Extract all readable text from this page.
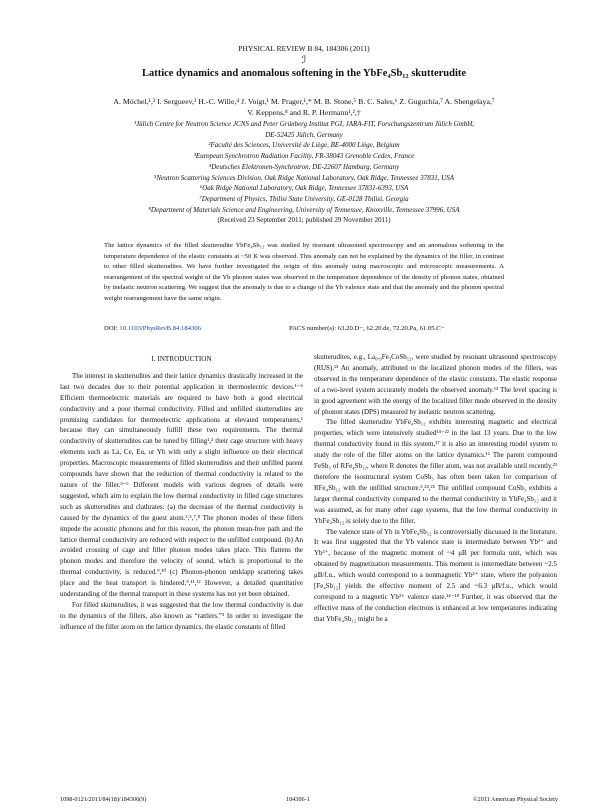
PHYSICAL REVIEW B 84, 184306 (2011)
ℐ
Lattice dynamics and anomalous softening in the YbFe₄Sb₁₂ skutterudite
A. Möchel,¹,² I. Sergueev,³ H.-C. Wille,⁴ J. Voigt,¹ M. Prager,¹,* M. B. Stone,⁵ B. C. Sales,⁶ Z. Guguchia,⁷ A. Shengelaya,⁷
V. Keppens,⁸ and R. P. Hermann¹,²,†
¹Jülich Centre for Neutron Science JCNS and Peter Grünberg Institut PGI, JARA-FIT, Forschungszentrum Jülich GmbH,
DE-52425 Jülich, Germany
²Faculté des Sciences, Université de Liège, BE-4000 Liège, Belgium
³European Synchrotron Radiation Facility, FR-38043 Grenoble Cedex, France
⁴Deutsches Elektronen-Synchrotron, DE-22607 Hamburg, Germany
⁵Neutron Scattering Sciences Division, Oak Ridge National Laboratory, Oak Ridge, Tennessee 37831, USA
⁶Oak Ridge National Laboratory, Oak Ridge, Tennessee 37831-6393, USA
⁷Department of Physics, Tbilisi State University, GE-0128 Tbilisi, Georgia
⁸Department of Materials Science and Engineering, University of Tennessee, Knoxville, Tennessee 37996, USA
(Received 23 September 2011; published 29 November 2011)
The lattice dynamics of the filled skutterudite YbFe₄Sb₁₂ was studied by resonant ultrasound spectroscopy and an anomalous softening in the temperature dependence of the elastic constants at ~50 K was observed. This anomaly can not be explained by the dynamics of the filler, in contrast to other filled skutterudites. We have further investigated the origin of this anomaly using macroscopic and microscopic measurements. A rearrangement of the spectral weight of the Yb phonon states was observed in the temperature dependence of the density of phonon states, obtained by inelastic neutron scattering. We suggest that the anomaly is due to a change of the Yb valence state and that the anomaly and the phonon spectral weight rearrangement have the same origin.
DOI: 10.1103/PhysRevB.84.184306	PACS number(s): 63.20.D−, 62.20.de, 72.20.Pa, 61.05.C−
I. INTRODUCTION

The interest in skutterudites and their lattice dynamics drastically increased in the last two decades due to their potential application in thermoelectric devices.¹⁻⁶ Efficient thermoelectric materials are required to have both a good electrical conductivity and a poor thermal conductivity. Filled and unfilled skutterudites are promising candidates for thermoelectric applications at elevated temperatures,¹ because they can simultaneously fulfill these two requirements. The thermal conductivity of skutterudites can be tuned by filling¹,² their cage structure with heavy elements such as La, Ce, Eu, or Yb with only a slight influence on their electrical properties. Macroscopic measurements of filled skutterudites and their unfilled parent compounds have shown that the reduction of thermal conductivity is related to the nature of the filler.³⁻⁶ Different models with various degrees of details were suggested, which aim to explain the low thermal conductivity in filled cage structures such as skutterudites and clathrates: (a) the decrease of the thermal conductivity is caused by the dynamics of the guest atom.³,⁵,⁷,⁸ The phonon modes of these fillers impede the acoustic phonons and for this reason, the phonon mean-free path and the lattice thermal conductivity are reduced with respect to the unfilled compound. (b) An avoided crossing of cage and filler phonon modes takes place. This flattens the phonon modes and therefore the velocity of sound, which is proportional to the thermal conductivity, is reduced.⁹,¹⁰ (c) Phonon-phonon umklapp scattering takes place and the heat transport is hindered.⁹,¹¹,¹² However, a detailed quantitative understanding of the thermal transport in these systems has not yet been obtained.

For filled skutterudites, it was suggested that the low thermal conductivity is due to the dynamics of the fillers, also known as “rattlers.”³ In order to investigate the influence of the filler atom on the lattice dynamics, the elastic constants of filled

skutterudites, e.g., La₀.₉Fe₃CoSb₁₂, were studied by resonant ultrasound spectroscopy (RUS).¹³ An anomaly, attributed to the localized phonon modes of the fillers, was observed in the temperature dependence of the elastic constants. The elastic response of a two-level system accurately models the observed anomaly.¹³ The level spacing is in good agreement with the energy of the localized filler mode observed in the density of phonon states (DPS) measured by inelastic neutron scattering.

The filled skutterudite YbFe₄Sb₁₂ exhibits interesting magnetic and electrical properties, which were intensively studied¹⁴⁻²² in the last 13 years. Due to the low thermal conductivity found in this system,¹⁷ it is also an interesting model system to study the role of the filler atoms on the lattice dynamics.¹² The parent compound FeSb₃ of RFe₄Sb₁₂, where R denotes the filler atom, was not available until recently,²³ therefore the isostructural system CoSb₃ has often been taken for comparison of RFe₄Sb₁₂ with the unfilled structure.³,²⁴,²⁵ The unfilled compound CoSb₃ exhibits a larger thermal conductivity compared to the thermal conductivity in YbFe₄Sb₁₂ and it was assumed, as for many other cage systems, that the low thermal conductivity in YbFe₄Sb₁₂ is solely due to the filler.

The valence state of Yb in YbFe₄Sb₁₂ is controversially discussed in the literature. It was first suggested that the Yb valence state is intermediate between Yb²⁺ and Yb³⁺, because of the magnetic moment of ~4 μB per formula unit, which was obtained by magnetization measurements. This moment is intermediate between ~2.5 μB/f.u., which would correspond to a nonmagnetic Yb²⁺ state, where the polyanion [Fe₄Sb₁₂] yields the effective moment of 2.5 and ~6.3 μB/f.u., which would correspond to a magnetic Yb³⁺ valence state.¹⁴⁻¹⁸ Further, it was observed that the effective mass of the conduction electrons is enhanced at low temperatures indicating that YbFe₄Sb₁₂ might be a

1098-0121/2011/84(18)/184306(9)	184306-1	©2011 American Physical Society
